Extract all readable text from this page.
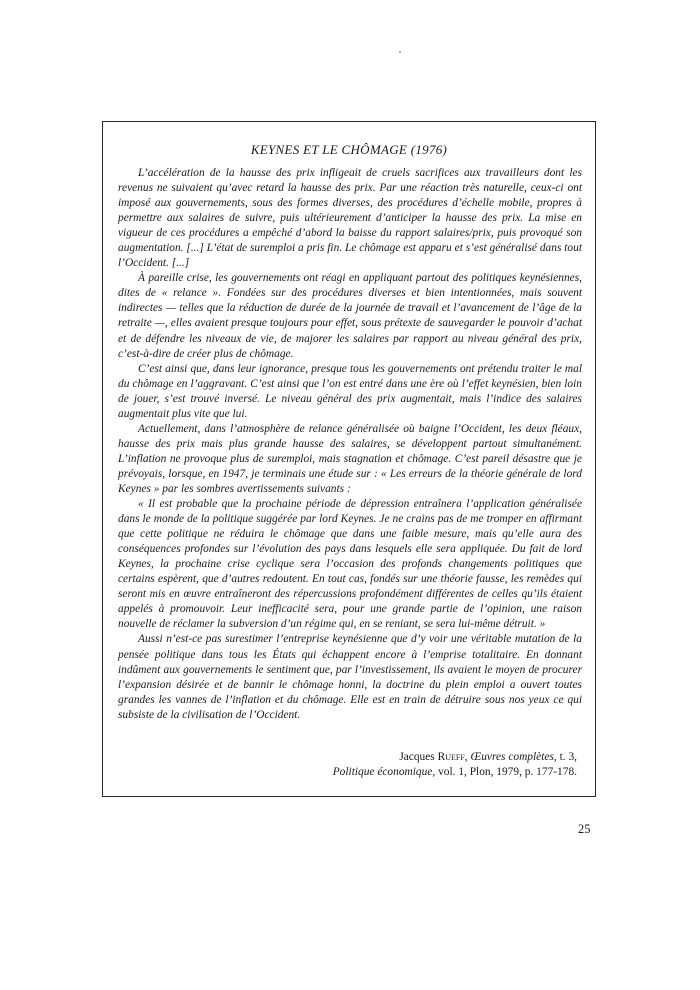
KEYNES ET LE CHÔMAGE (1976)

L’accélération de la hausse des prix infligeait de cruels sacrifices aux travailleurs dont les revenus ne suivaient qu’avec retard la hausse des prix. Par une réaction très naturelle, ceux-ci ont imposé aux gouvernements, sous des formes diverses, des procédures d’échelle mobile, propres à permettre aux salaires de suivre, puis ultérieurement d’anticiper la hausse des prix. La mise en vigueur de ces procédures a empêché d’abord la baisse du rapport salaires/prix, puis provoqué son augmentation. [...] L’état de suremploi a pris fin. Le chômage est apparu et s’est généralisé dans tout l’Occident. [...]

À pareille crise, les gouvernements ont réagi en appliquant partout des politiques keynésiennes, dites de « relance ». Fondées sur des procédures diverses et bien intentionnées, mais souvent indirectes — telles que la réduction de durée de la journée de travail et l’avancement de l’âge de la retraite —, elles avaient presque toujours pour effet, sous prétexte de sauvegarder le pouvoir d’achat et de défendre les niveaux de vie, de majorer les salaires par rapport au niveau général des prix, c’est-à-dire de créer plus de chômage.

C’est ainsi que, dans leur ignorance, presque tous les gouvernements ont prétendu traiter le mal du chômage en l’aggravant. C’est ainsi que l’on est entré dans une ère où l’effet keynésien, bien loin de jouer, s’est trouvé inversé. Le niveau général des prix augmentait, mais l’indice des salaires augmentait plus vite que lui.

Actuellement, dans l’atmosphère de relance généralisée où baigne l’Occident, les deux fléaux, hausse des prix mais plus grande hausse des salaires, se développent partout simultanément. L’inflation ne provoque plus de suremploi, mais stagnation et chômage. C’est pareil désastre que je prévoyais, lorsque, en 1947, je terminais une étude sur : « Les erreurs de la théorie générale de lord Keynes » par les sombres avertissements suivants :

« Il est probable que la prochaine période de dépression entraînera l’application généralisée dans le monde de la politique suggérée par lord Keynes. Je ne crains pas de me tromper en affirmant que cette politique ne réduira le chômage que dans une faible mesure, mais qu’elle aura des conséquences profondes sur l’évolution des pays dans lesquels elle sera appliquée. Du fait de lord Keynes, la prochaine crise cyclique sera l’occasion des profonds changements politiques que certains espèrent, que d’autres redoutent. En tout cas, fondés sur une théorie fausse, les remèdes qui seront mis en œuvre entraîneront des répercussions profondément différentes de celles qu’ils étaient appelés à promouvoir. Leur inefficacité sera, pour une grande partie de l’opinion, une raison nouvelle de réclamer la subversion d’un régime qui, en se reniant, se sera lui-même détruit. »

Aussi n’est-ce pas surestimer l’entreprise keynésienne que d’y voir une véritable mutation de la pensée politique dans tous les États qui échappent encore à l’emprise totalitaire. En donnant indûment aux gouvernements le sentiment que, par l’investissement, ils avaient le moyen de procurer l’expansion désirée et de bannir le chômage honni, la doctrine du plein emploi a ouvert toutes grandes les vannes de l’inflation et du chômage. Elle est en train de détruire sous nos yeux ce qui subsiste de la civilisation de l’Occident.

Jacques Rueff, Œuvres complètes, t. 3,
Politique économique, vol. 1, Plon, 1979, p. 177-178.
25
